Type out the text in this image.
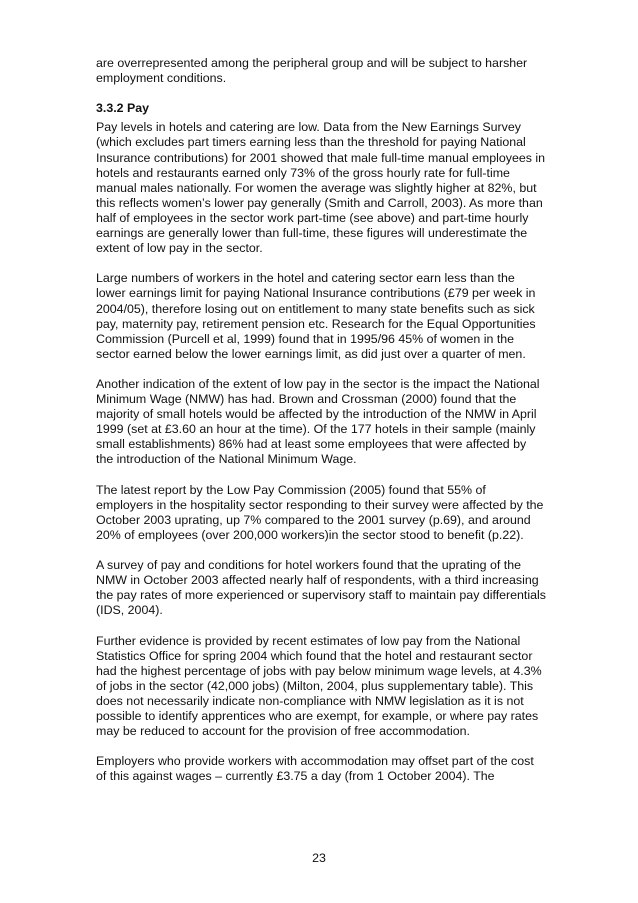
are overrepresented among the peripheral group and will be subject to harsher employment conditions.

3.3.2 Pay

Pay levels in hotels and catering are low. Data from the New Earnings Survey (which excludes part timers earning less than the threshold for paying National Insurance contributions) for 2001 showed that male full-time manual employees in hotels and restaurants earned only 73% of the gross hourly rate for full-time manual males nationally. For women the average was slightly higher at 82%, but this reflects women’s lower pay generally (Smith and Carroll, 2003). As more than half of employees in the sector work part-time (see above) and part-time hourly earnings are generally lower than full-time, these figures will underestimate the extent of low pay in the sector.

Large numbers of workers in the hotel and catering sector earn less than the lower earnings limit for paying National Insurance contributions (£79 per week in 2004/05), therefore losing out on entitlement to many state benefits such as sick pay, maternity pay, retirement pension etc. Research for the Equal Opportunities Commission (Purcell et al, 1999) found that in 1995/96 45% of women in the sector earned below the lower earnings limit, as did just over a quarter of men.

Another indication of the extent of low pay in the sector is the impact the National Minimum Wage (NMW) has had. Brown and Crossman (2000) found that the majority of small hotels would be affected by the introduction of the NMW in April 1999 (set at £3.60 an hour at the time). Of the 177 hotels in their sample (mainly small establishments) 86% had at least some employees that were affected by the introduction of the National Minimum Wage.

The latest report by the Low Pay Commission (2005) found that 55% of employers in the hospitality sector responding to their survey were affected by the October 2003 uprating, up 7% compared to the 2001 survey (p.69), and around 20% of employees (over 200,000 workers)in the sector stood to benefit (p.22).

A survey of pay and conditions for hotel workers found that the uprating of the NMW in October 2003 affected nearly half of respondents, with a third increasing the pay rates of more experienced or supervisory staff to maintain pay differentials (IDS, 2004).

Further evidence is provided by recent estimates of low pay from the National Statistics Office for spring 2004 which found that the hotel and restaurant sector had the highest percentage of jobs with pay below minimum wage levels, at 4.3% of jobs in the sector (42,000 jobs) (Milton, 2004, plus supplementary table). This does not necessarily indicate non-compliance with NMW legislation as it is not possible to identify apprentices who are exempt, for example, or where pay rates may be reduced to account for the provision of free accommodation.

Employers who provide workers with accommodation may offset part of the cost of this against wages – currently £3.75 a day (from 1 October 2004). The

23
